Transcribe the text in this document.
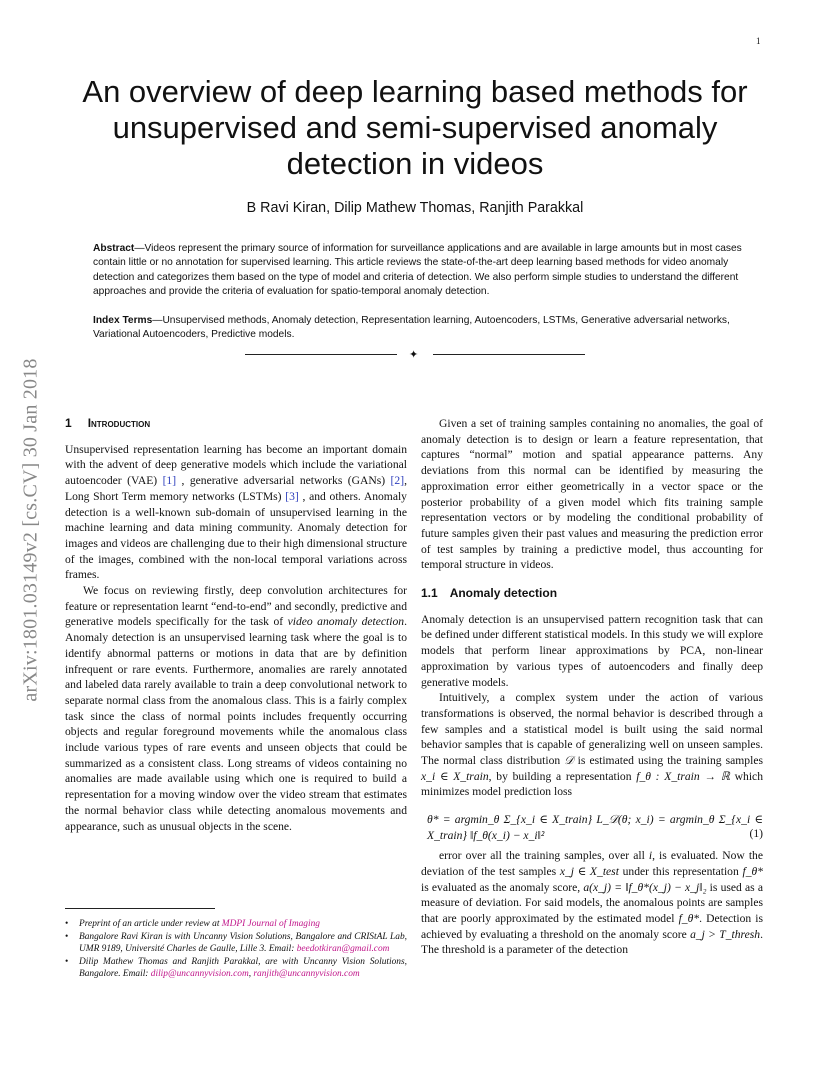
1
arXiv:1801.03149v2 [cs.CV] 30 Jan 2018
An overview of deep learning based methods for unsupervised and semi-supervised anomaly detection in videos
B Ravi Kiran, Dilip Mathew Thomas, Ranjith Parakkal

Abstract—Videos represent the primary source of information for surveillance applications and are available in large amounts but in most cases contain little or no annotation for supervised learning. This article reviews the state-of-the-art deep learning based methods for video anomaly detection and categorizes them based on the type of model and criteria of detection. We also perform simple studies to understand the different approaches and provide the criteria of evaluation for spatio-temporal anomaly detection.

Index Terms—Unsupervised methods, Anomaly detection, Representation learning, Autoencoders, LSTMs, Generative adversarial networks, Variational Autoencoders, Predictive models.

✦
1 Introduction

Unsupervised representation learning has become an important domain with the advent of deep generative models which include the variational autoencoder (VAE) [1] , generative adversarial networks (GANs) [2], Long Short Term memory networks (LSTMs) [3] , and others. Anomaly detection is a well-known sub-domain of unsupervised learning in the machine learning and data mining community. Anomaly detection for images and videos are challenging due to their high dimensional structure of the images, combined with the non-local temporal variations across frames.

We focus on reviewing firstly, deep convolution architectures for feature or representation learnt “end-to-end” and secondly, predictive and generative models specifically for the task of video anomaly detection. Anomaly detection is an unsupervised learning task where the goal is to identify abnormal patterns or motions in data that are by definition infrequent or rare events. Furthermore, anomalies are rarely annotated and labeled data rarely available to train a deep convolutional network to separate normal class from the anomalous class. This is a fairly complex task since the class of normal points includes frequently occurring objects and regular foreground movements while the anomalous class include various types of rare events and unseen objects that could be summarized as a consistent class. Long streams of videos containing no anomalies are made available using which one is required to build a representation for a moving window over the video stream that estimates the normal behavior class while detecting anomalous movements and appearance, such as unusual objects in the scene.

Given a set of training samples containing no anomalies, the goal of anomaly detection is to design or learn a feature representation, that captures “normal” motion and spatial appearance patterns. Any deviations from this normal can be identified by measuring the approximation error either geometrically in a vector space or the posterior probability of a given model which fits training sample representation vectors or by modeling the conditional probability of future samples given their past values and measuring the prediction error of test samples by training a predictive model, thus accounting for temporal structure in videos.

1.1 Anomaly detection

Anomaly detection is an unsupervised pattern recognition task that can be defined under different statistical models. In this study we will explore models that perform linear approximations by PCA, non-linear approximation by various types of autoencoders and finally deep generative models.

Intuitively, a complex system under the action of various transformations is observed, the normal behavior is described through a few samples and a statistical model is built using the said normal behavior samples that is capable of generalizing well on unseen samples. The normal class distribution 𝒟 is estimated using the training samples x_i ∈ X_train, by building a representation f_θ : X_train → ℝ which minimizes model prediction loss

θ* = argmin_θ Σ_{x_i ∈ X_train} L_𝒟(θ; x_i) = argmin_θ Σ_{x_i ∈ X_train} ‖f_θ(x_i) − x_i‖²	(1)

error over all the training samples, over all i, is evaluated. Now the deviation of the test samples x_j ∈ X_test under this representation f_θ* is evaluated as the anomaly score, a(x_j) = ‖f_θ*(x_j) − x_j‖₂ is used as a measure of deviation. For said models, the anomalous points are samples that are poorly approximated by the estimated model f_θ*. Detection is achieved by evaluating a threshold on the anomaly score a_j > T_thresh. The threshold is a parameter of the detection

• Preprint of an article under review at MDPI Journal of Imaging
• Bangalore Ravi Kiran is with Uncanny Vision Solutions, Bangalore and CRIStAL Lab, UMR 9189, Université Charles de Gaulle, Lille 3. Email: beedotkiran@gmail.com
• Dilip Mathew Thomas and Ranjith Parakkal, are with Uncanny Vision Solutions, Bangalore. Email: dilip@uncannyvision.com, ranjith@uncannyvision.com
